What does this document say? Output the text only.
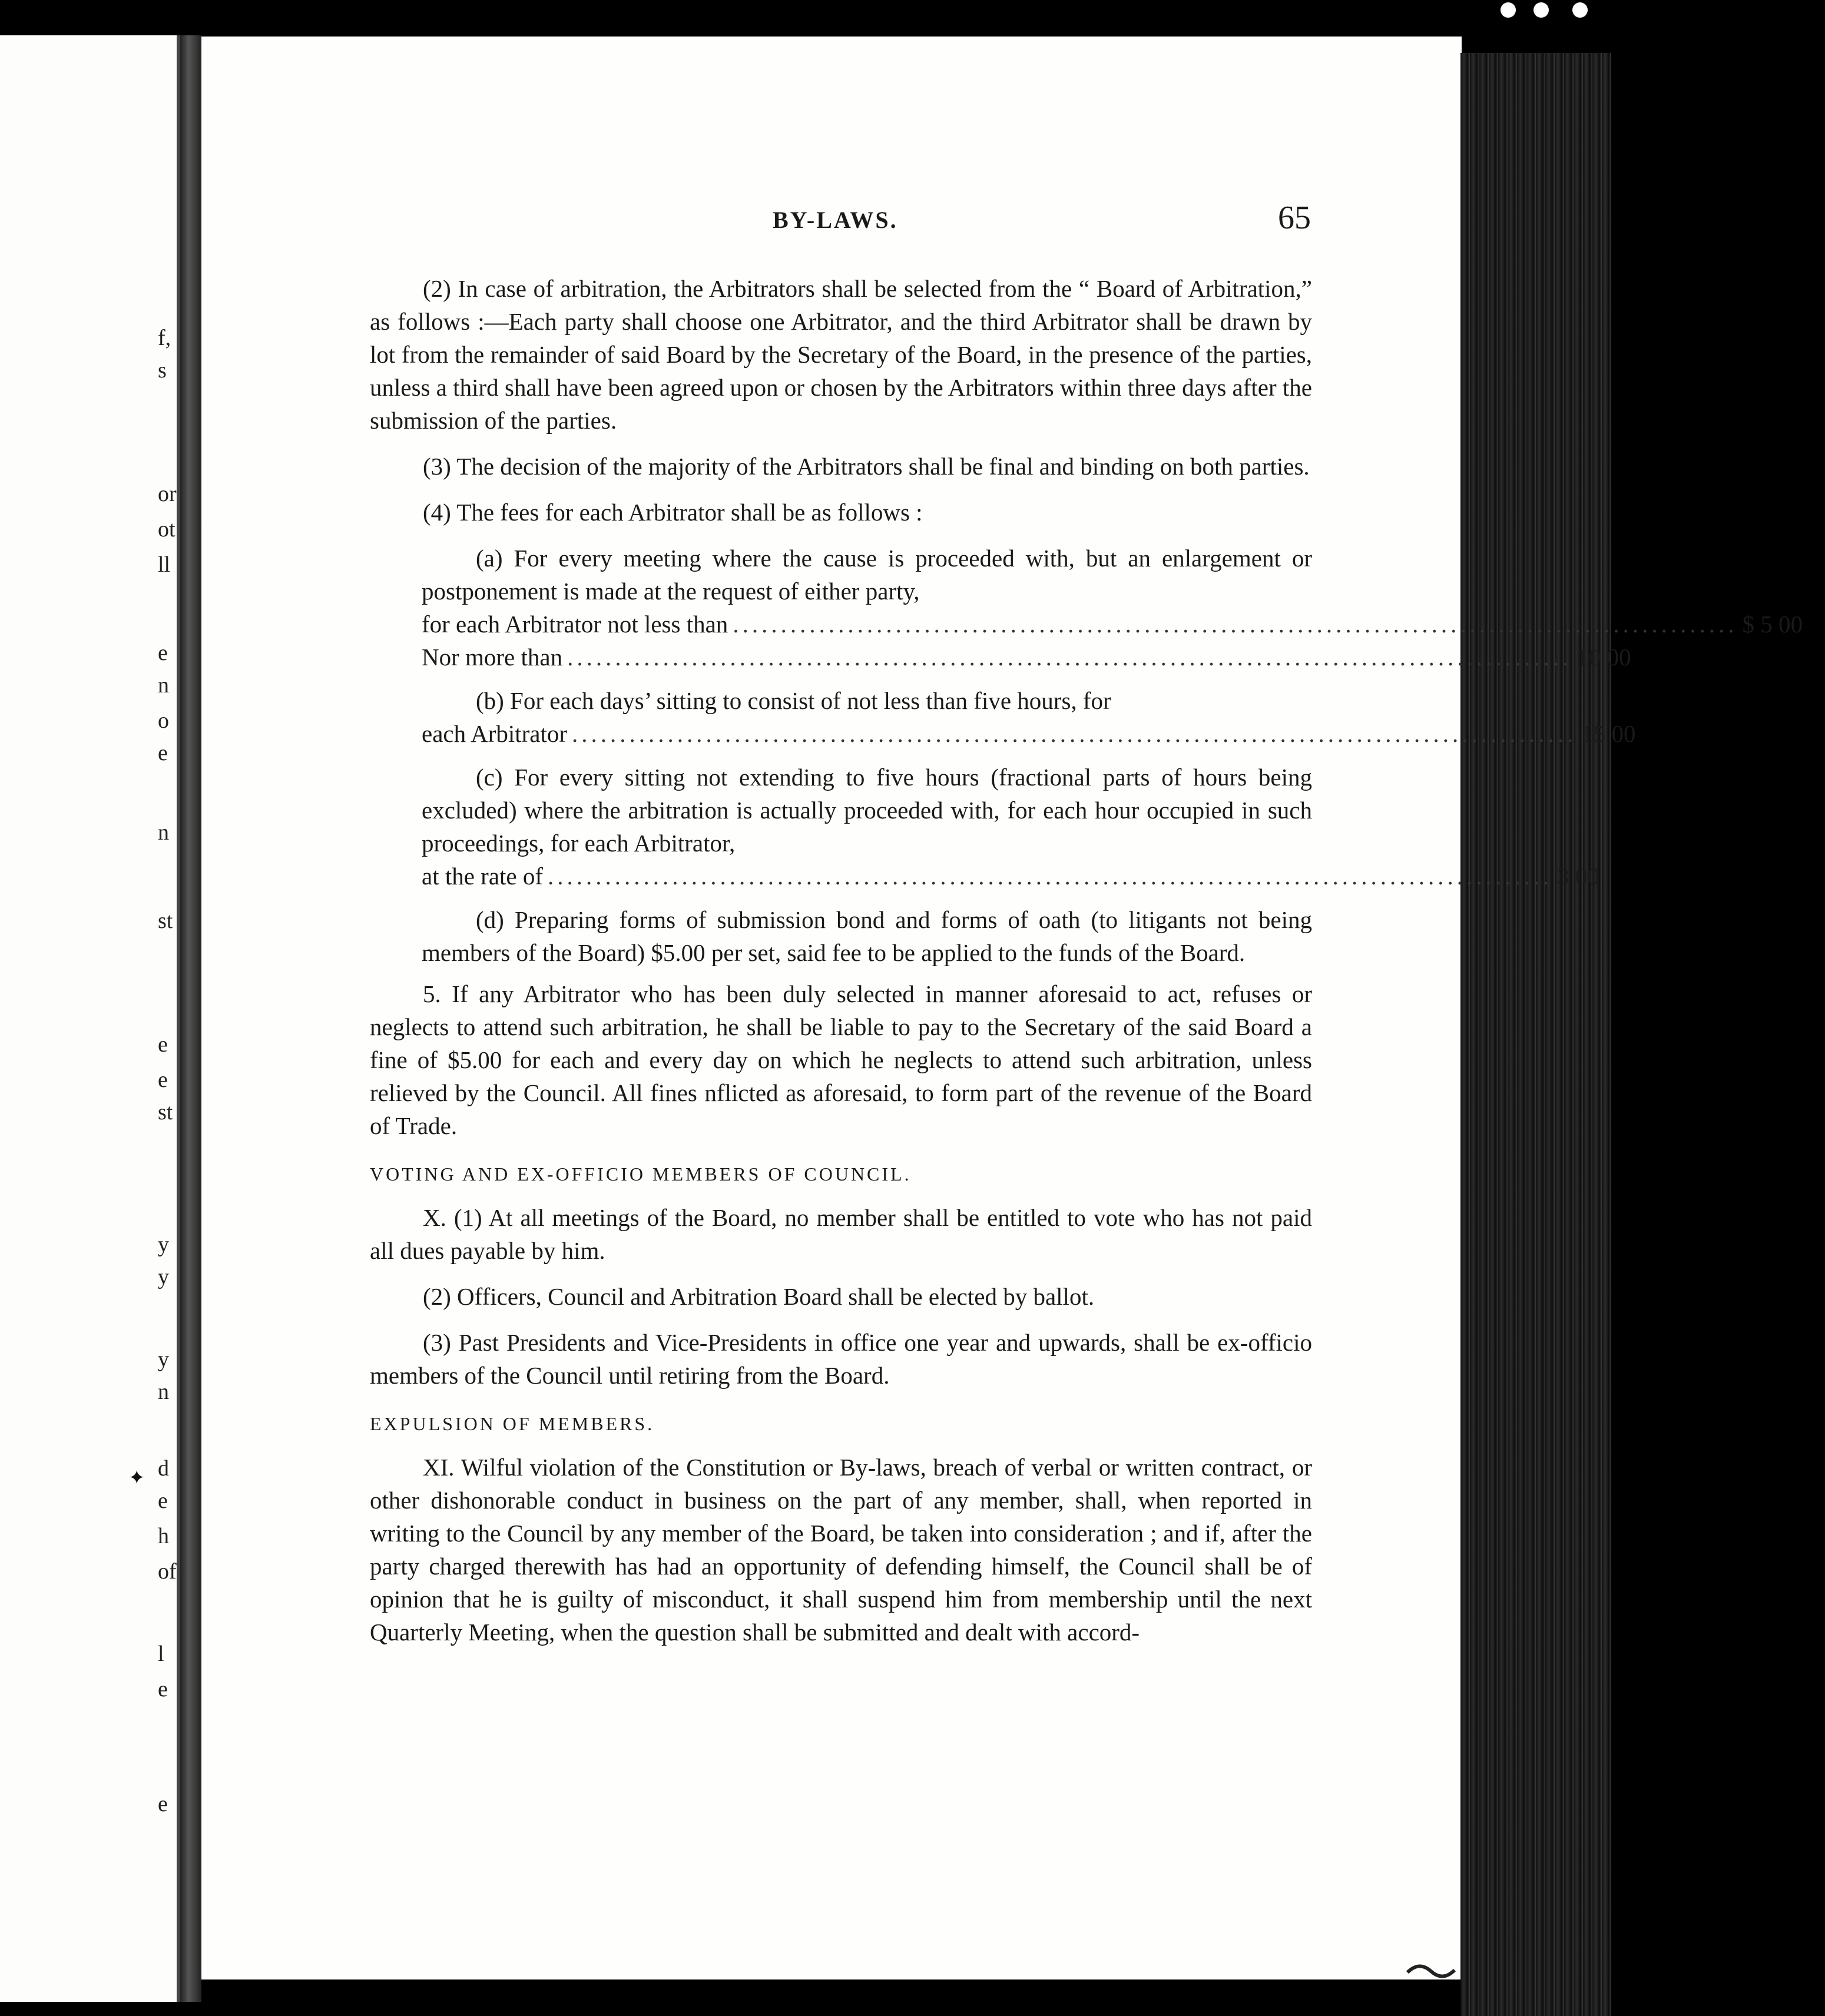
f,
s
or
ot
ll
e
n
o
e
n
st
e
e
st
y
y
y
n
d
e
h
of
l
e
e
✦
BY-LAWS.	65

(2) In case of arbitration, the Arbitrators shall be selected from the “ Board of Arbitration,” as follows :—Each party shall choose one Arbitrator, and the third Arbitrator shall be drawn by lot from the remainder of said Board by the Secretary of the Board, in the presence of the parties, unless a third shall have been agreed upon or chosen by the Arbitrators within three days after the submission of the parties.

(3) The decision of the majority of the Arbitrators shall be final and binding on both parties.

(4) The fees for each Arbitrator shall be as follows :

(a) For every meeting where the cause is proceeded with, but an enlargement or postponement is made at the request of either party,

for each Arbitrator not less than ......................................................................................................... $ 5 00
Nor more than ......................................................................................................... 10 00

(b) For each days’ sitting to consist of not less than five hours, for

each Arbitrator ......................................................................................................... 15 00

(c) For every sitting not extending to five hours (fractional parts of hours being excluded) where the arbitration is actually proceeded with, for each hour occupied in such proceedings, for each Arbitrator,

at the rate of ......................................................................................................... 3 00

(d) Preparing forms of submission bond and forms of oath (to litigants not being members of the Board) $5.00 per set, said fee to be applied to the funds of the Board.

5. If any Arbitrator who has been duly selected in manner aforesaid to act, refuses or neglects to attend such arbitration, he shall be liable to pay to the Secretary of the said Board a fine of $5.00 for each and every day on which he neglects to attend such arbitration, unless relieved by the Council. All fines nflicted as aforesaid, to form part of the revenue of the Board of Trade.

VOTING AND EX-OFFICIO MEMBERS OF COUNCIL.

X. (1) At all meetings of the Board, no member shall be entitled to vote who has not paid all dues payable by him.

(2) Officers, Council and Arbitration Board shall be elected by ballot.

(3) Past Presidents and Vice-Presidents in office one year and upwards, shall be ex-officio members of the Council until retiring from the Board.

EXPULSION OF MEMBERS.

XI. Wilful violation of the Constitution or By-laws, breach of verbal or written contract, or other dishonorable conduct in business on the part of any member, shall, when reported in writing to the Council by any member of the Board, be taken into consideration ; and if, after the party charged therewith has had an opportunity of defending himself, the Council shall be of opinion that he is guilty of misconduct, it shall suspend him from membership until the next Quarterly Meeting, when the question shall be submitted and dealt with accord-
